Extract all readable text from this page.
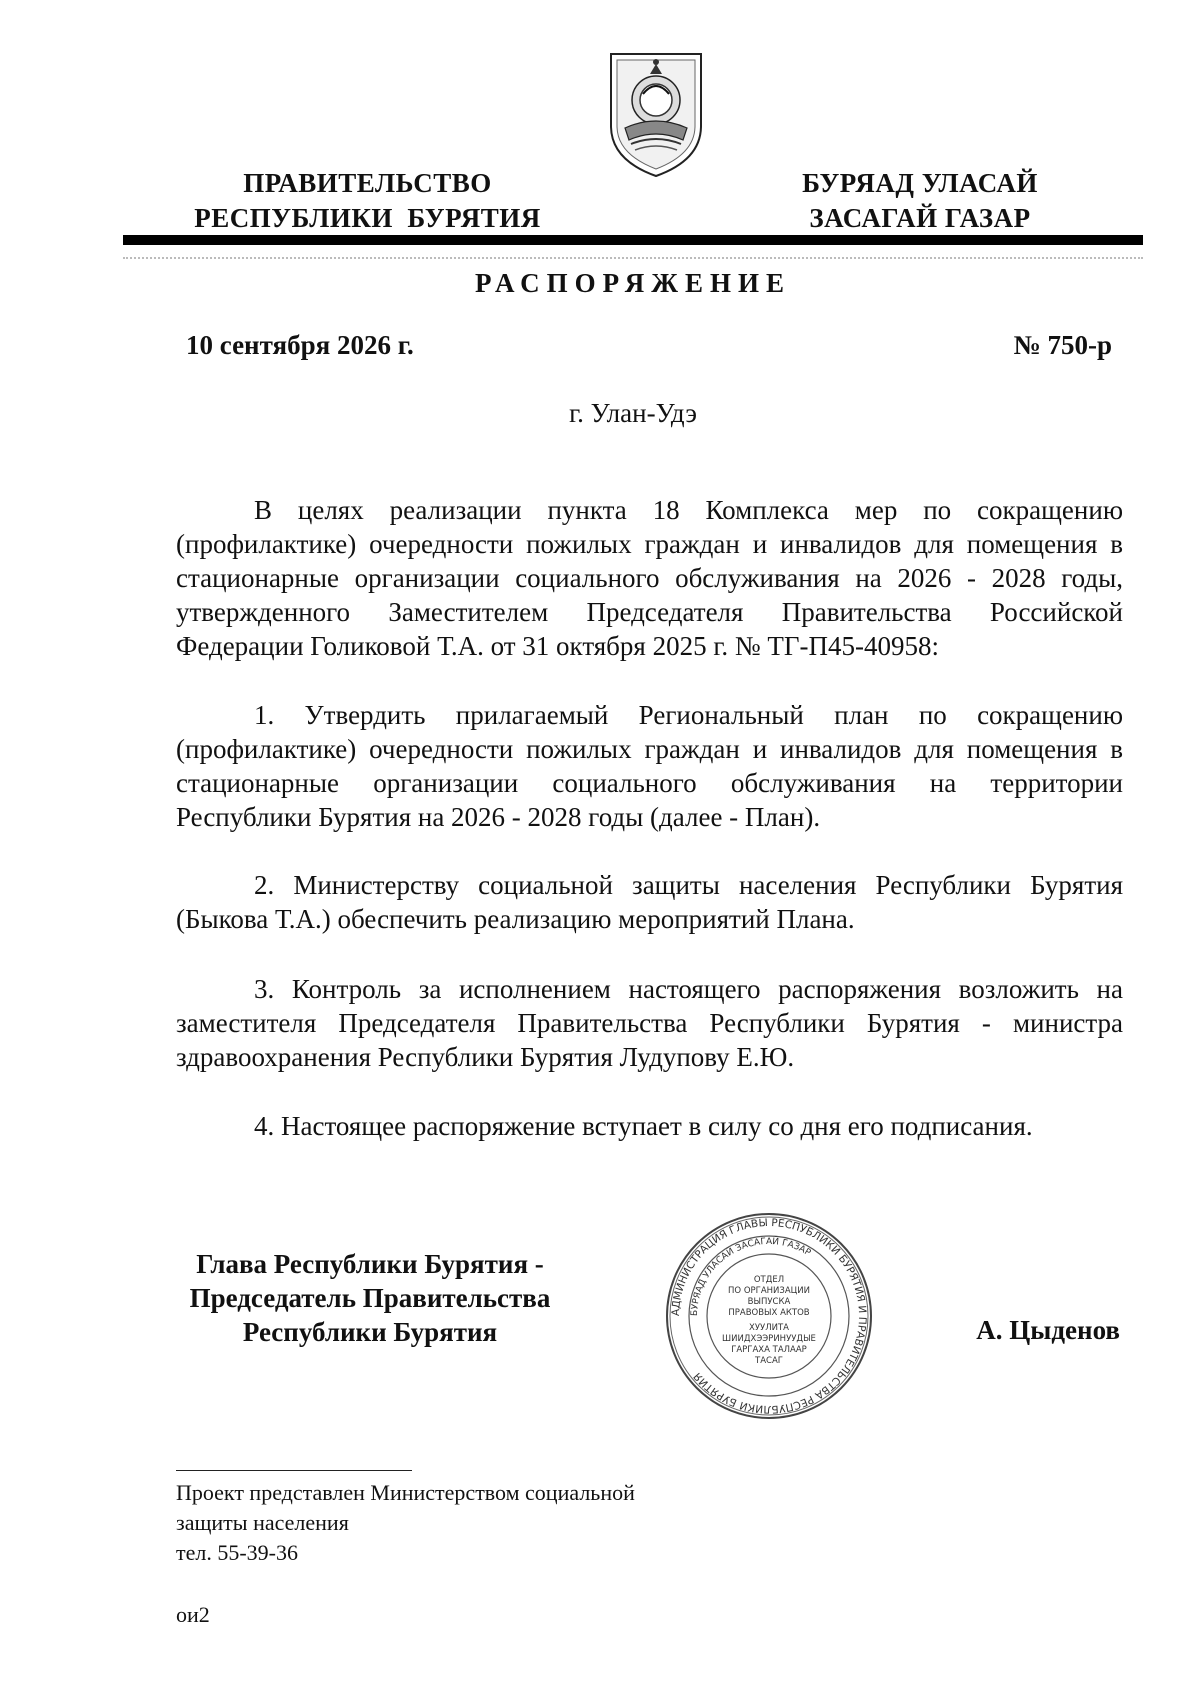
ПРАВИТЕЛЬСТВО
РЕСПУБЛИКИ  БУРЯТИЯ
БУРЯАД УЛАСАЙ
ЗАСАГАЙ ГАЗАР
РАСПОРЯЖЕНИЕ
10 сентября 2026 г.	№ 750-р
г. Улан-Удэ

В целях реализации пункта 18 Комплекса мер по сокращению (профилактике) очередности пожилых граждан и инвалидов для помещения в стационарные организации социального обслуживания на 2026 - 2028 годы, утвержденного Заместителем Председателя Правительства Российской Федерации Голиковой Т.А. от 31 октября 2025 г. № ТГ-П45-40958:

1. Утвердить прилагаемый Региональный план по сокращению (профилактике) очередности пожилых граждан и инвалидов для помещения в стационарные организации социального обслуживания на территории Республики Бурятия на 2026 - 2028 годы (далее - План).

2. Министерству социальной защиты населения Республики Бурятия (Быкова Т.А.) обеспечить реализацию мероприятий Плана.

3. Контроль за исполнением настоящего распоряжения возложить на заместителя Председателя Правительства Республики Бурятия - министра здравоохранения Республики Бурятия Лудупову Е.Ю.

4. Настоящее распоряжение вступает в силу со дня его подписания.

Глава Республики Бурятия -
Председатель Правительства
Республики Бурятия
АДМИНИСТРАЦИЯ ГЛАВЫ РЕСПУБЛИКИ БУРЯТИЯ И ПРАВИТЕЛЬСТВА РЕСПУБЛИКИ БУРЯТИЯ
БУРЯАД УЛАСАЙ ЗАСАГАЙ ГАЗАР
ОТДЕЛ
ПО ОРГАНИЗАЦИИ
ВЫПУСКА
ПРАВОВЫХ АКТОВ
ХУУЛИТА
ШИИДХЭЭРИНУУДЫЕ
ГАРГАХА ТАЛААР
ТАСАГ
А. Цыденов
Проект представлен Министерством социальной
защиты населения
тел. 55-39-36
ои2
